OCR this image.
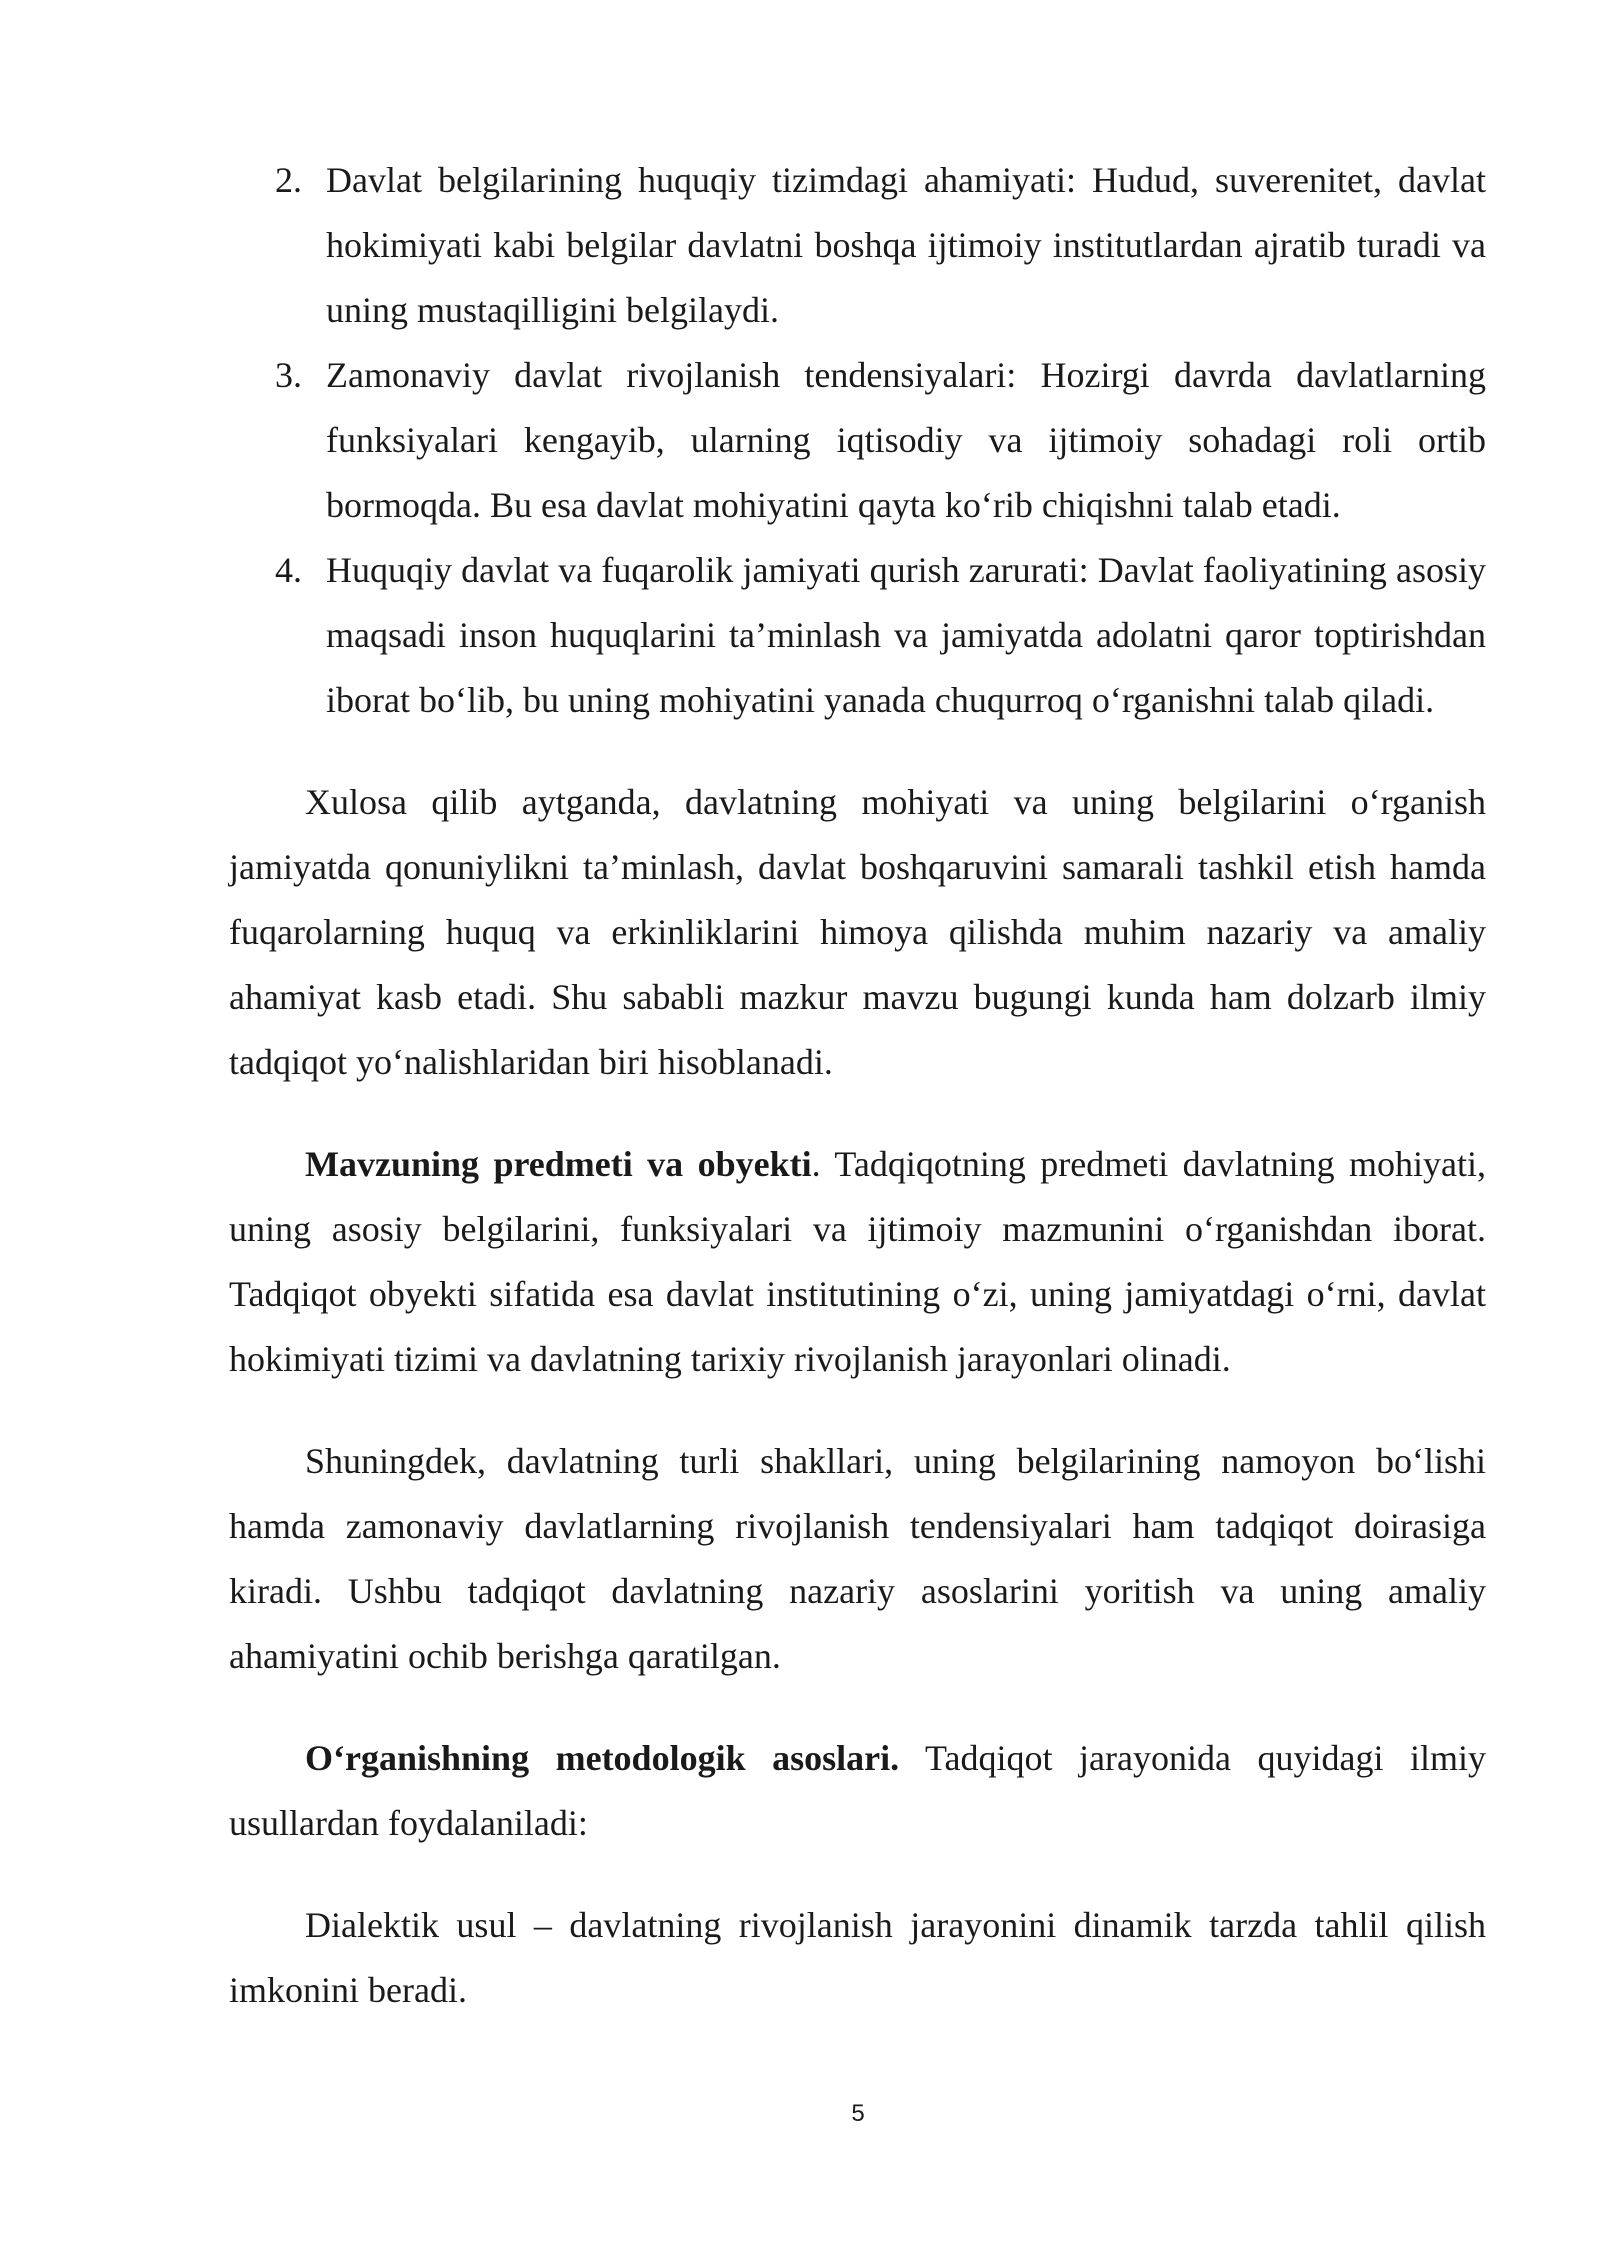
2. Davlat belgilarining huquqiy tizimdagi ahamiyati: Hudud, suverenitet, davlat hokimiyati kabi belgilar davlatni boshqa ijtimoiy institutlardan ajratib turadi va uning mustaqilligini belgilaydi.
3. Zamonaviy davlat rivojlanish tendensiyalari: Hozirgi davrda davlatlarning funksiyalari kengayib, ularning iqtisodiy va ijtimoiy sohadagi roli ortib bormoqda. Bu esa davlat mohiyatini qayta ko‘rib chiqishni talab etadi.
4. Huquqiy davlat va fuqarolik jamiyati qurish zarurati: Davlat faoliyatining asosiy maqsadi inson huquqlarini ta’minlash va jamiyatda adolatni qaror toptirishdan iborat bo‘lib, bu uning mohiyatini yanada chuqurroq o‘rganishni talab qiladi.

Xulosa qilib aytganda, davlatning mohiyati va uning belgilarini o‘rganish jamiyatda qonuniylikni ta’minlash, davlat boshqaruvini samarali tashkil etish hamda fuqarolarning huquq va erkinliklarini himoya qilishda muhim nazariy va amaliy ahamiyat kasb etadi. Shu sababli mazkur mavzu bugungi kunda ham dolzarb ilmiy tadqiqot yo‘nalishlaridan biri hisoblanadi.

Mavzuning predmeti va obyekti. Tadqiqotning predmeti davlatning mohiyati, uning asosiy belgilarini, funksiyalari va ijtimoiy mazmunini o‘rganishdan iborat. Tadqiqot obyekti sifatida esa davlat institutining o‘zi, uning jamiyatdagi o‘rni, davlat hokimiyati tizimi va davlatning tarixiy rivojlanish jarayonlari olinadi.

Shuningdek, davlatning turli shakllari, uning belgilarining namoyon bo‘lishi hamda zamonaviy davlatlarning rivojlanish tendensiyalari ham tadqiqot doirasiga kiradi. Ushbu tadqiqot davlatning nazariy asoslarini yoritish va uning amaliy ahamiyatini ochib berishga qaratilgan.

O‘rganishning metodologik asoslari. Tadqiqot jarayonida quyidagi ilmiy usullardan foydalaniladi:

Dialektik usul – davlatning rivojlanish jarayonini dinamik tarzda tahlil qilish imkonini beradi.

5
